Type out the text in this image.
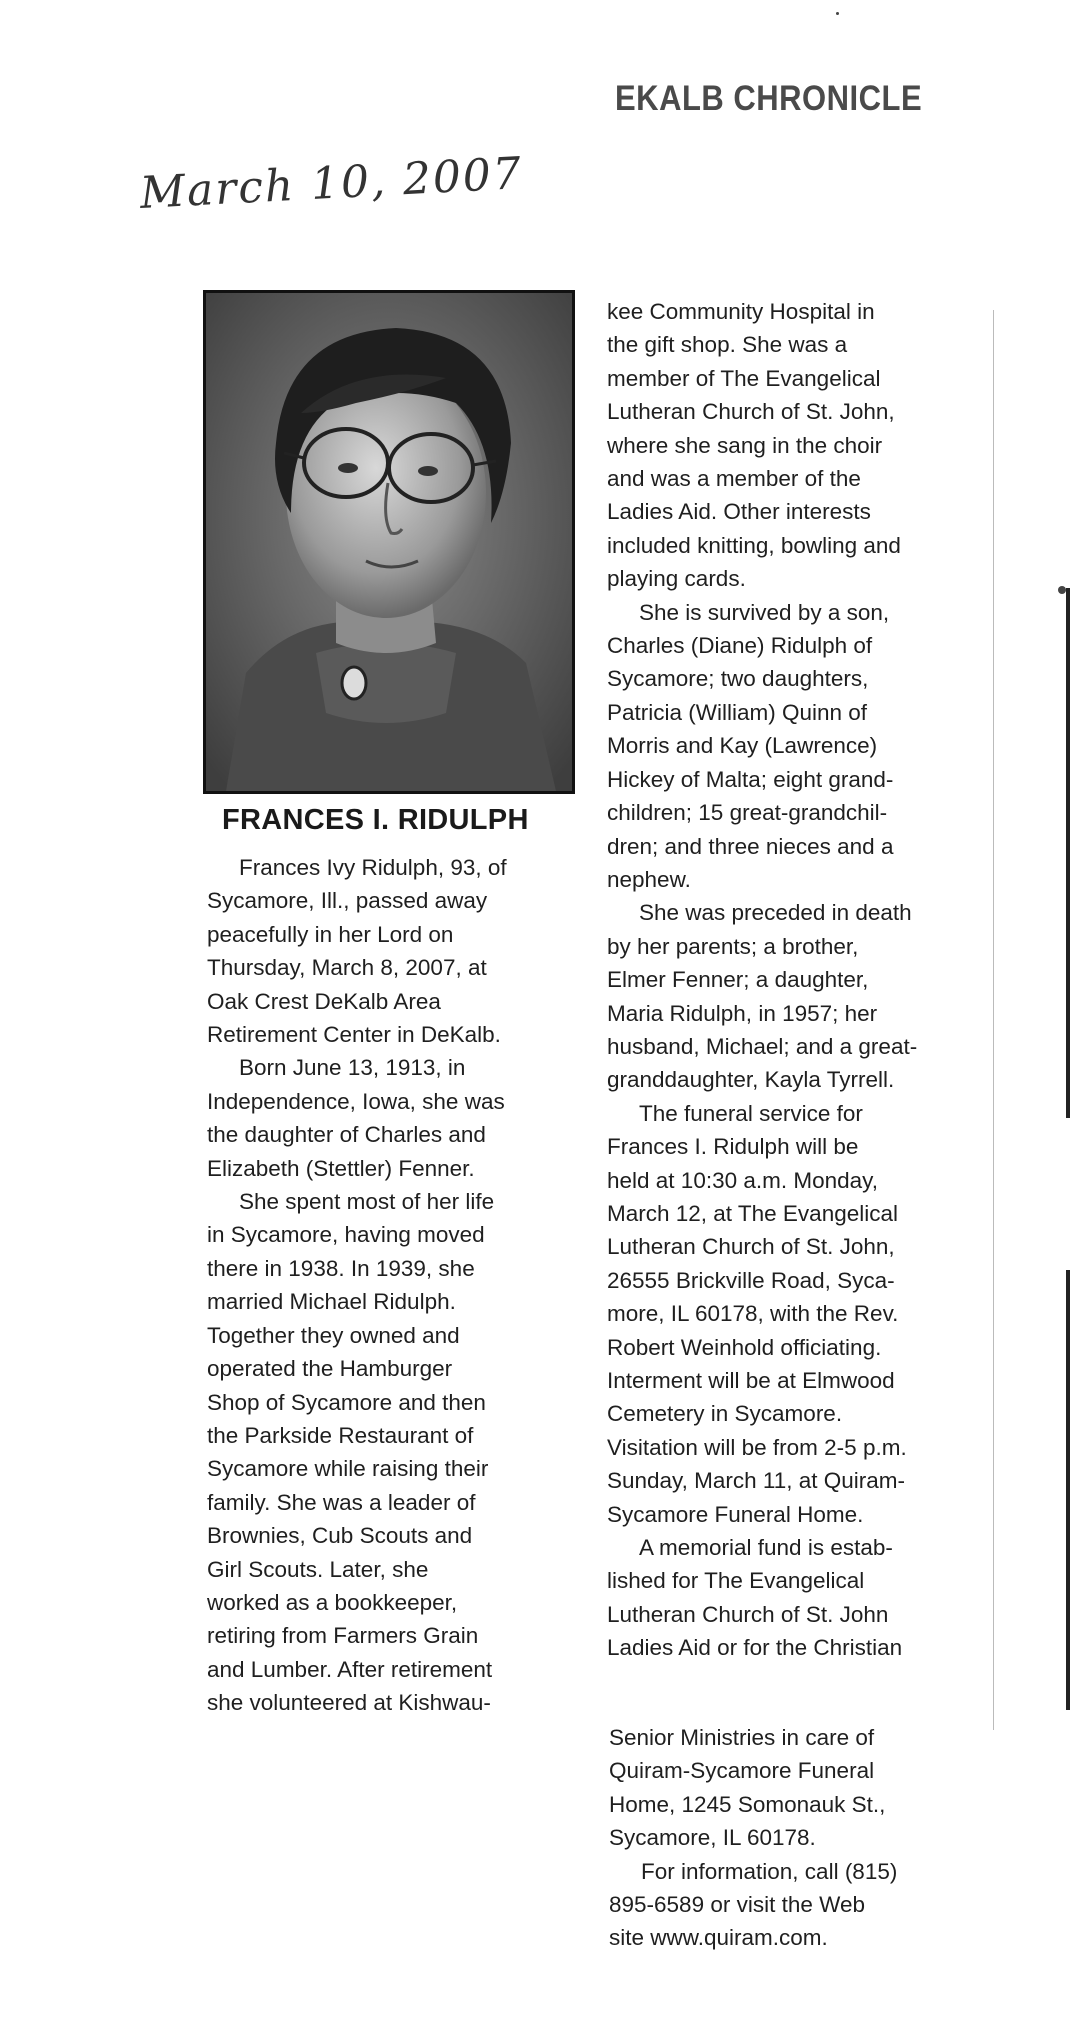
EKALB CHRONICLE
March 10, 2007
FRANCES I. RIDULPH
Frances Ivy Ridulph, 93, of
Sycamore, Ill., passed away
peacefully in her Lord on
Thursday, March 8, 2007, at
Oak Crest DeKalb Area
Retirement Center in DeKalb.
Born June 13, 1913, in
Independence, Iowa, she was
the daughter of Charles and
Elizabeth (Stettler) Fenner.
She spent most of her life
in Sycamore, having moved
there in 1938. In 1939, she
married Michael Ridulph.
Together they owned and
operated the Hamburger
Shop of Sycamore and then
the Parkside Restaurant of
Sycamore while raising their
family. She was a leader of
Brownies, Cub Scouts and
Girl Scouts. Later, she
worked as a bookkeeper,
retiring from Farmers Grain
and Lumber. After retirement
she volunteered at Kishwau-
kee Community Hospital in
the gift shop. She was a
member of The Evangelical
Lutheran Church of St. John,
where she sang in the choir
and was a member of the
Ladies Aid. Other interests
included knitting, bowling and
playing cards.
She is survived by a son,
Charles (Diane) Ridulph of
Sycamore; two daughters,
Patricia (William) Quinn of
Morris and Kay (Lawrence)
Hickey of Malta; eight grand-
children; 15 great-grandchil-
dren; and three nieces and a
nephew.
She was preceded in death
by her parents; a brother,
Elmer Fenner; a daughter,
Maria Ridulph, in 1957; her
husband, Michael; and a great-
granddaughter, Kayla Tyrrell.
The funeral service for
Frances I. Ridulph will be
held at 10:30 a.m. Monday,
March 12, at The Evangelical
Lutheran Church of St. John,
26555 Brickville Road, Syca-
more, IL 60178, with the Rev.
Robert Weinhold officiating.
Interment will be at Elmwood
Cemetery in Sycamore.
Visitation will be from 2-5 p.m.
Sunday, March 11, at Quiram-
Sycamore Funeral Home.
A memorial fund is estab-
lished for The Evangelical
Lutheran Church of St. John
Ladies Aid or for the Christian
Senior Ministries in care of
Quiram-Sycamore Funeral
Home, 1245 Somonauk St.,
Sycamore, IL 60178.
For information, call (815)
895-6589 or visit the Web
site www.quiram.com.
